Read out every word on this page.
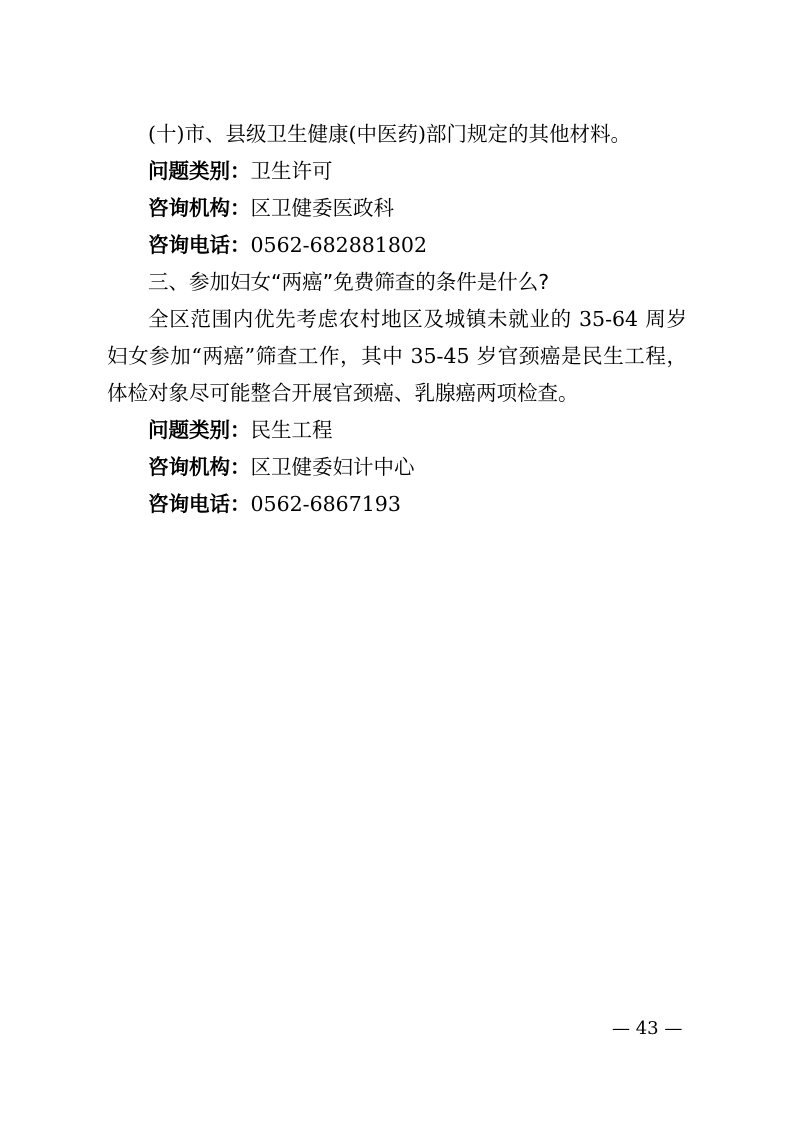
(十)市、县级卫生健康(中医药)部门规定的其他材料。
问题类别：卫生许可
咨询机构：区卫健委医政科
咨询电话：0562-682881802
三、参加妇女“两癌”免费筛查的条件是什么?
全区范围内优先考虑农村地区及城镇未就业的 35-64 周岁
妇女参加“两癌”筛查工作，其中 35-45 岁官颈癌是民生工程，
体检对象尽可能整合开展官颈癌、乳腺癌两项检查。
问题类别：民生工程
咨询机构：区卫健委妇计中心
咨询电话：0562-6867193
— 43 —
